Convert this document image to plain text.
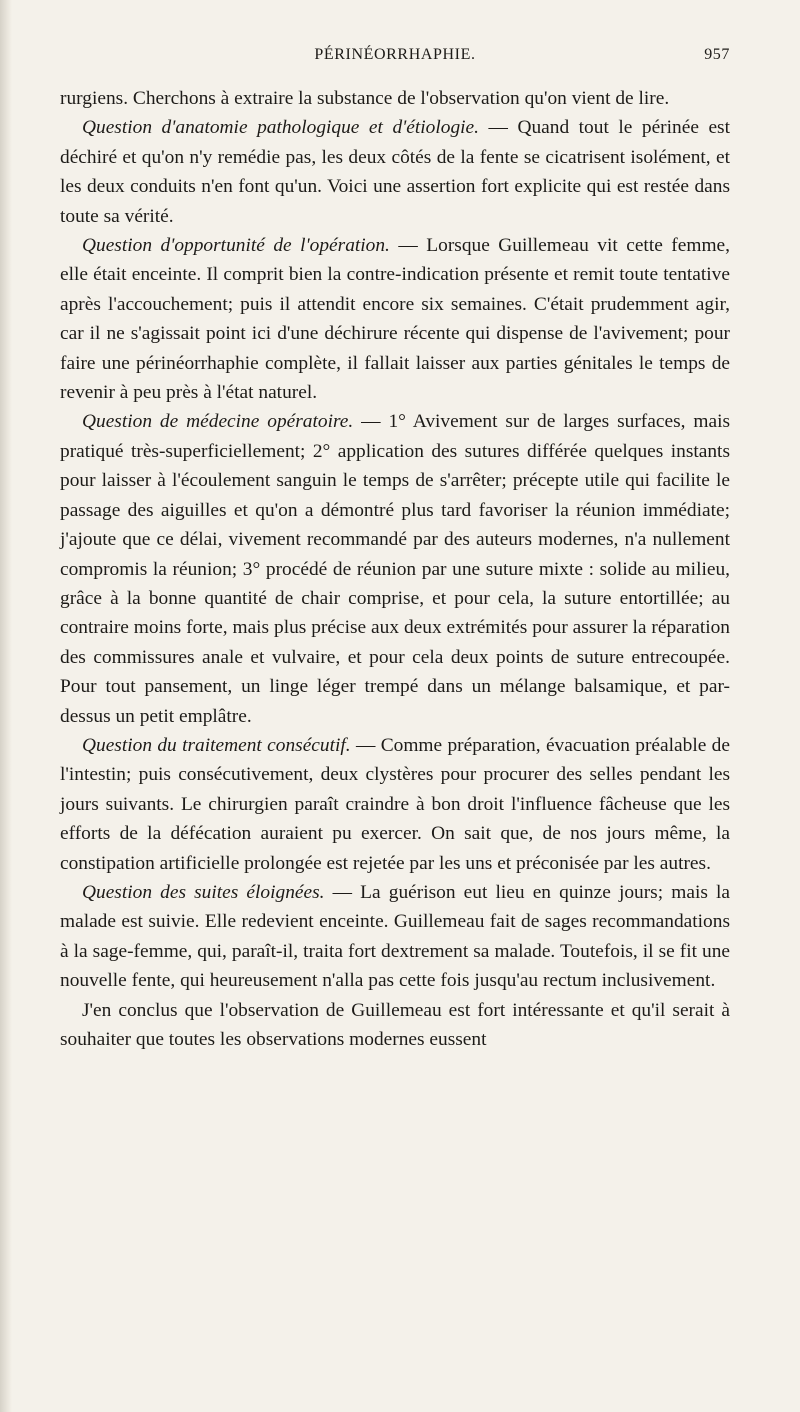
PÉRINÉORRHAPHIE.	957

rurgiens. Cherchons à extraire la substance de l'observation qu'on vient de lire.

Question d'anatomie pathologique et d'étiologie. — Quand tout le périnée est déchiré et qu'on n'y remédie pas, les deux côtés de la fente se cicatrisent isolément, et les deux conduits n'en font qu'un. Voici une assertion fort explicite qui est restée dans toute sa vérité.

Question d'opportunité de l'opération. — Lorsque Guillemeau vit cette femme, elle était enceinte. Il comprit bien la contre-indication présente et remit toute tentative après l'accouchement; puis il attendit encore six semaines. C'était prudemment agir, car il ne s'agissait point ici d'une déchirure récente qui dispense de l'avivement; pour faire une périnéorrhaphie complète, il fallait laisser aux parties génitales le temps de revenir à peu près à l'état naturel.

Question de médecine opératoire. — 1° Avivement sur de larges surfaces, mais pratiqué très-superficiellement; 2° application des sutures différée quelques instants pour laisser à l'écoulement sanguin le temps de s'arrêter; précepte utile qui facilite le passage des aiguilles et qu'on a démontré plus tard favoriser la réunion immédiate; j'ajoute que ce délai, vivement recommandé par des auteurs modernes, n'a nullement compromis la réunion; 3° procédé de réunion par une suture mixte : solide au milieu, grâce à la bonne quantité de chair comprise, et pour cela, la suture entortillée; au contraire moins forte, mais plus précise aux deux extrémités pour assurer la réparation des commissures anale et vulvaire, et pour cela deux points de suture entrecoupée. Pour tout pansement, un linge léger trempé dans un mélange balsamique, et par-dessus un petit emplâtre.

Question du traitement consécutif. — Comme préparation, évacuation préalable de l'intestin; puis consécutivement, deux clystères pour procurer des selles pendant les jours suivants. Le chirurgien paraît craindre à bon droit l'influence fâcheuse que les efforts de la défécation auraient pu exercer. On sait que, de nos jours même, la constipation artificielle prolongée est rejetée par les uns et préconisée par les autres.

Question des suites éloignées. — La guérison eut lieu en quinze jours; mais la malade est suivie. Elle redevient enceinte. Guillemeau fait de sages recommandations à la sage-femme, qui, paraît-il, traita fort dextrement sa malade. Toutefois, il se fit une nouvelle fente, qui heureusement n'alla pas cette fois jusqu'au rectum inclusivement.

J'en conclus que l'observation de Guillemeau est fort intéressante et qu'il serait à souhaiter que toutes les observations modernes eussent
